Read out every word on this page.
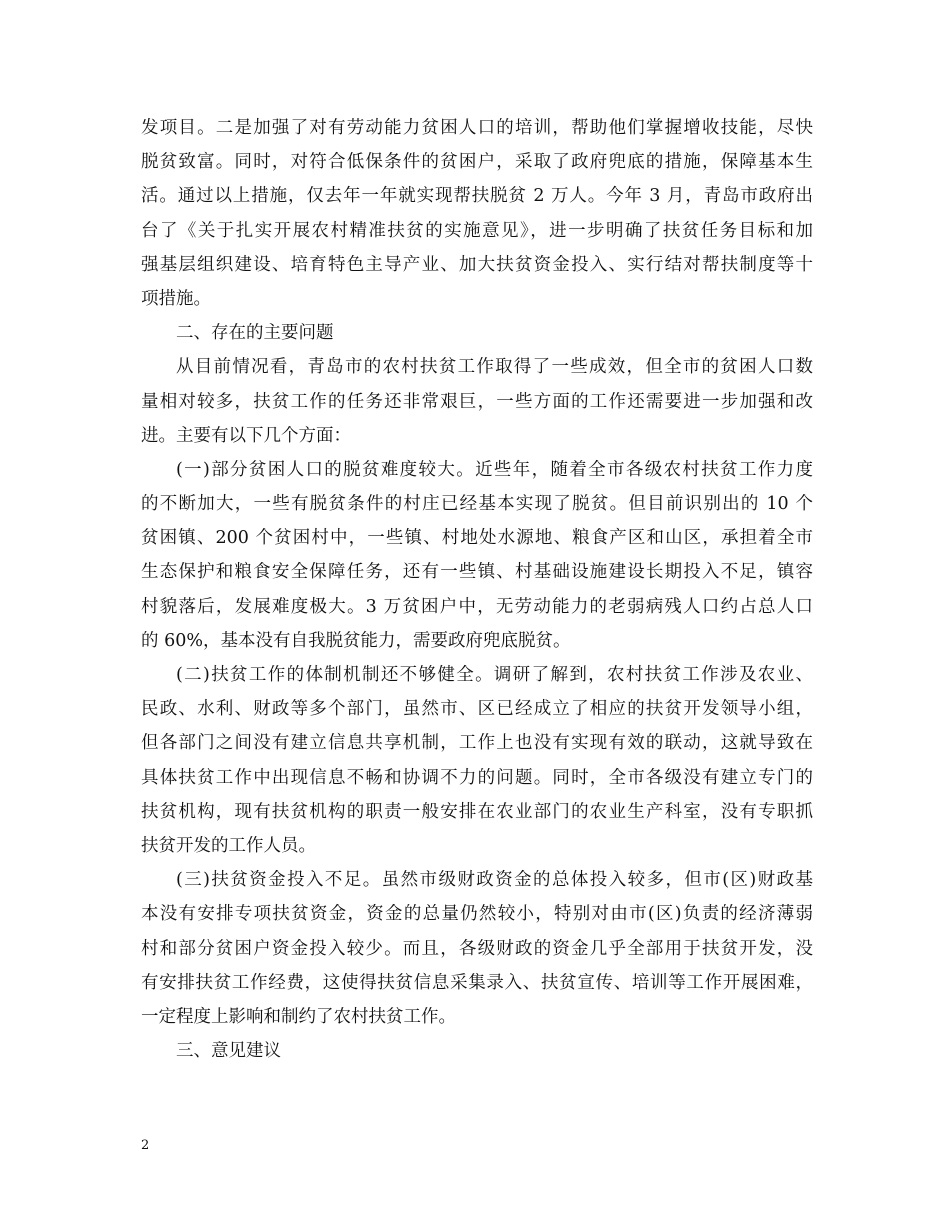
发项目。二是加强了对有劳动能力贫困人口的培训，帮助他们掌握增收技能，尽快
脱贫致富。同时，对符合低保条件的贫困户，采取了政府兜底的措施，保障基本生
活。通过以上措施，仅去年一年就实现帮扶脱贫 2 万人。今年 3 月，青岛市政府出
台了《关于扎实开展农村精准扶贫的实施意见》，进一步明确了扶贫任务目标和加
强基层组织建设、培育特色主导产业、加大扶贫资金投入、实行结对帮扶制度等十
项措施。
二、存在的主要问题
从目前情况看，青岛市的农村扶贫工作取得了一些成效，但全市的贫困人口数
量相对较多，扶贫工作的任务还非常艰巨，一些方面的工作还需要进一步加强和改
进。主要有以下几个方面：
(一)部分贫困人口的脱贫难度较大。近些年，随着全市各级农村扶贫工作力度
的不断加大，一些有脱贫条件的村庄已经基本实现了脱贫。但目前识别出的 10 个
贫困镇、200 个贫困村中，一些镇、村地处水源地、粮食产区和山区，承担着全市
生态保护和粮食安全保障任务，还有一些镇、村基础设施建设长期投入不足，镇容
村貌落后，发展难度极大。3 万贫困户中，无劳动能力的老弱病残人口约占总人口
的 60%，基本没有自我脱贫能力，需要政府兜底脱贫。
(二)扶贫工作的体制机制还不够健全。调研了解到，农村扶贫工作涉及农业、
民政、水利、财政等多个部门，虽然市、区已经成立了相应的扶贫开发领导小组，
但各部门之间没有建立信息共享机制，工作上也没有实现有效的联动，这就导致在
具体扶贫工作中出现信息不畅和协调不力的问题。同时，全市各级没有建立专门的
扶贫机构，现有扶贫机构的职责一般安排在农业部门的农业生产科室，没有专职抓
扶贫开发的工作人员。
(三)扶贫资金投入不足。虽然市级财政资金的总体投入较多，但市(区)财政基
本没有安排专项扶贫资金，资金的总量仍然较小，特别对由市(区)负责的经济薄弱
村和部分贫困户资金投入较少。而且，各级财政的资金几乎全部用于扶贫开发，没
有安排扶贫工作经费，这使得扶贫信息采集录入、扶贫宣传、培训等工作开展困难，
一定程度上影响和制约了农村扶贫工作。
三、意见建议
2
